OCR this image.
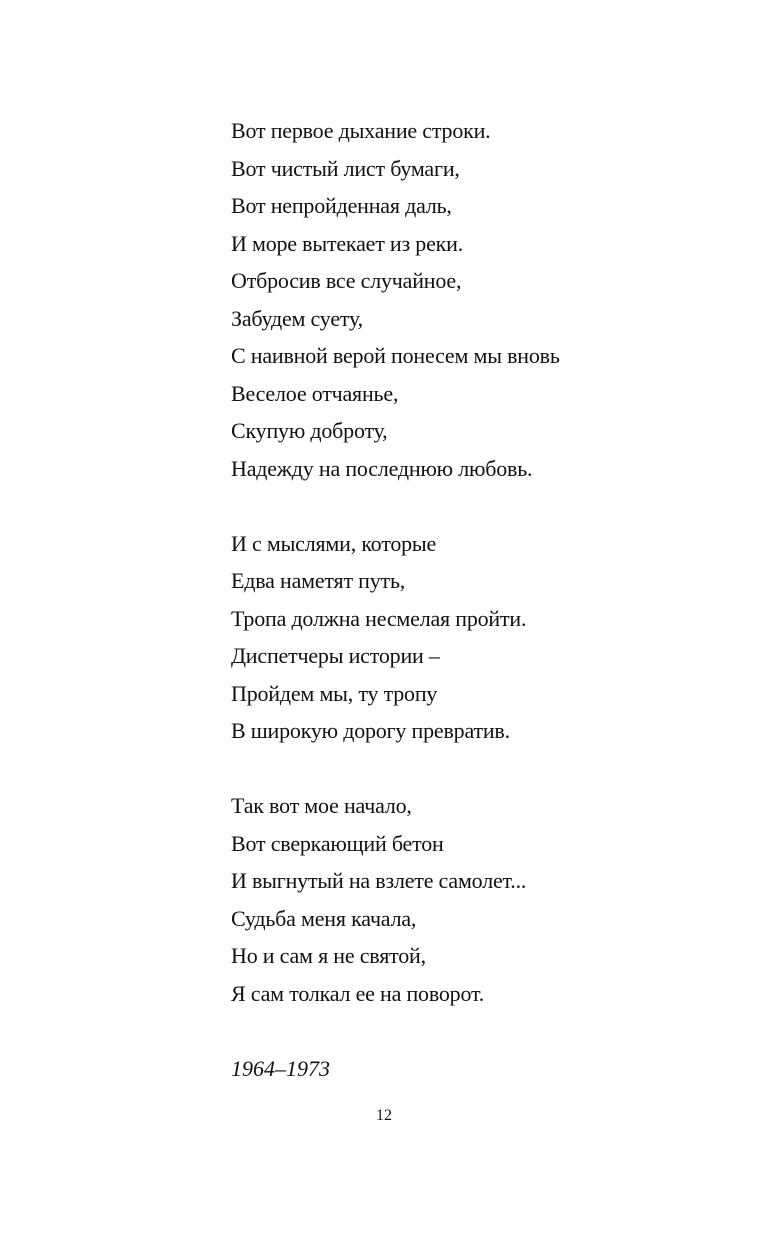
Вот первое дыхание строки.
Вот чистый лист бумаги,
Вот непройденная даль,
И море вытекает из реки.
Отбросив все случайное,
Забудем суету,
С наивной верой понесем мы вновь
Веселое отчаянье,
Скупую доброту,
Надежду на последнюю любовь.
И с мыслями, которые
Едва наметят путь,
Тропа должна несмелая пройти.
Диспетчеры истории –
Пройдем мы, ту тропу
В широкую дорогу превратив.
Так вот мое начало,
Вот сверкающий бетон
И выгнутый на взлете самолет...
Судьба меня качала,
Но и сам я не святой,
Я сам толкал ее на поворот.
1964–1973
12
